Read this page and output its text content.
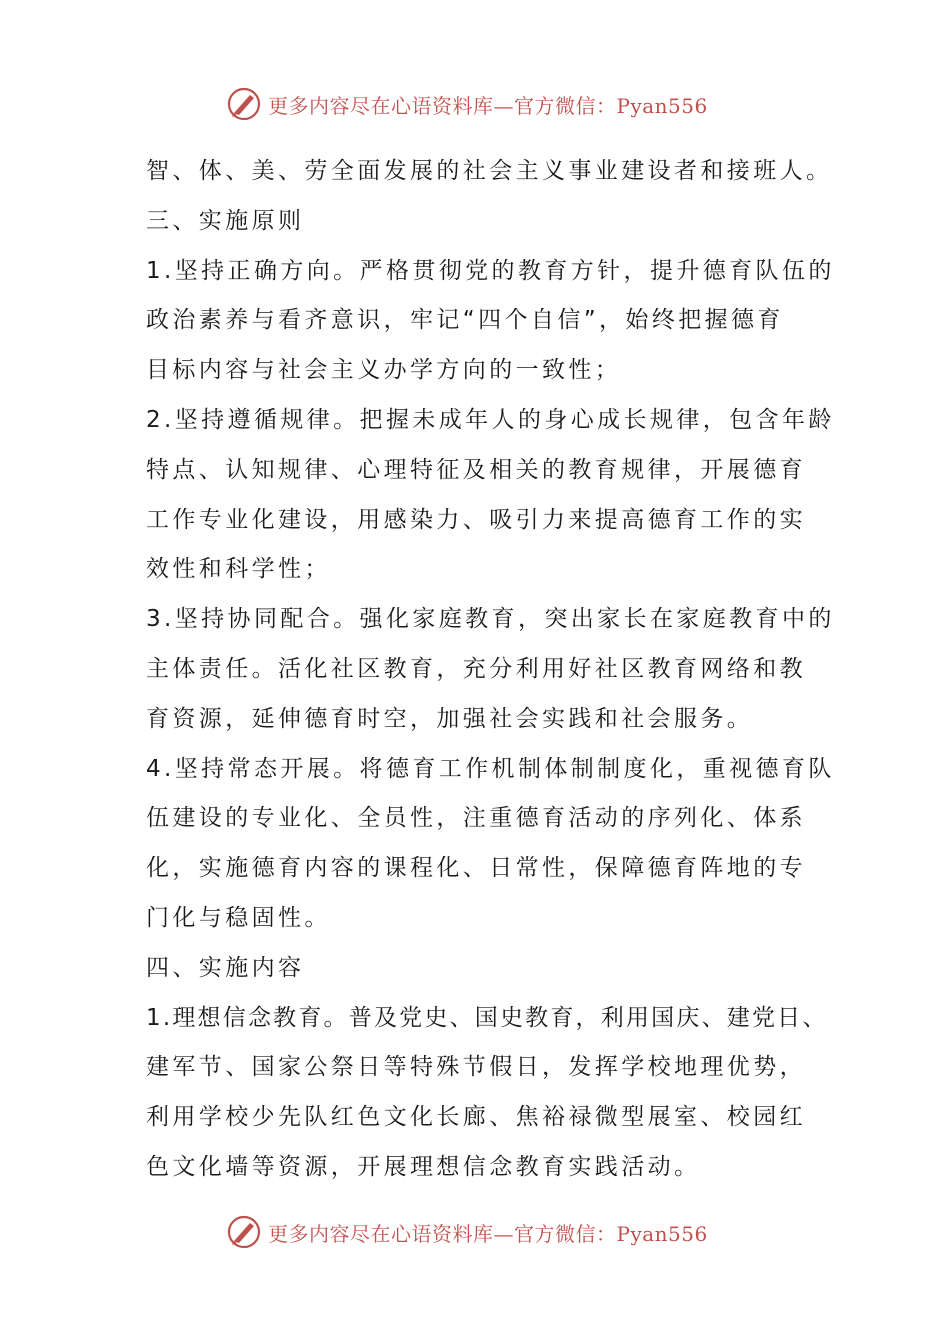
更多内容尽在心语资料库—官方微信：Pyan556
智、体、美、劳全面发展的社会主义事业建设者和接班人。
三、实施原则
1.坚持正确方向。严格贯彻党的教育方针，提升德育队伍的
政治素养与看齐意识，牢记“四个自信”，始终把握德育
目标内容与社会主义办学方向的一致性；
2.坚持遵循规律。把握未成年人的身心成长规律，包含年龄
特点、认知规律、心理特征及相关的教育规律，开展德育
工作专业化建设，用感染力、吸引力来提高德育工作的实
效性和科学性；
3.坚持协同配合。强化家庭教育，突出家长在家庭教育中的
主体责任。活化社区教育，充分利用好社区教育网络和教
育资源，延伸德育时空，加强社会实践和社会服务。
4.坚持常态开展。将德育工作机制体制制度化，重视德育队
伍建设的专业化、全员性，注重德育活动的序列化、体系
化，实施德育内容的课程化、日常性，保障德育阵地的专
门化与稳固性。
四、实施内容
1.理想信念教育。普及党史、国史教育，利用国庆、建党日、
建军节、国家公祭日等特殊节假日，发挥学校地理优势，
利用学校少先队红色文化长廊、焦裕禄微型展室、校园红
色文化墙等资源，开展理想信念教育实践活动。
更多内容尽在心语资料库—官方微信：Pyan556
